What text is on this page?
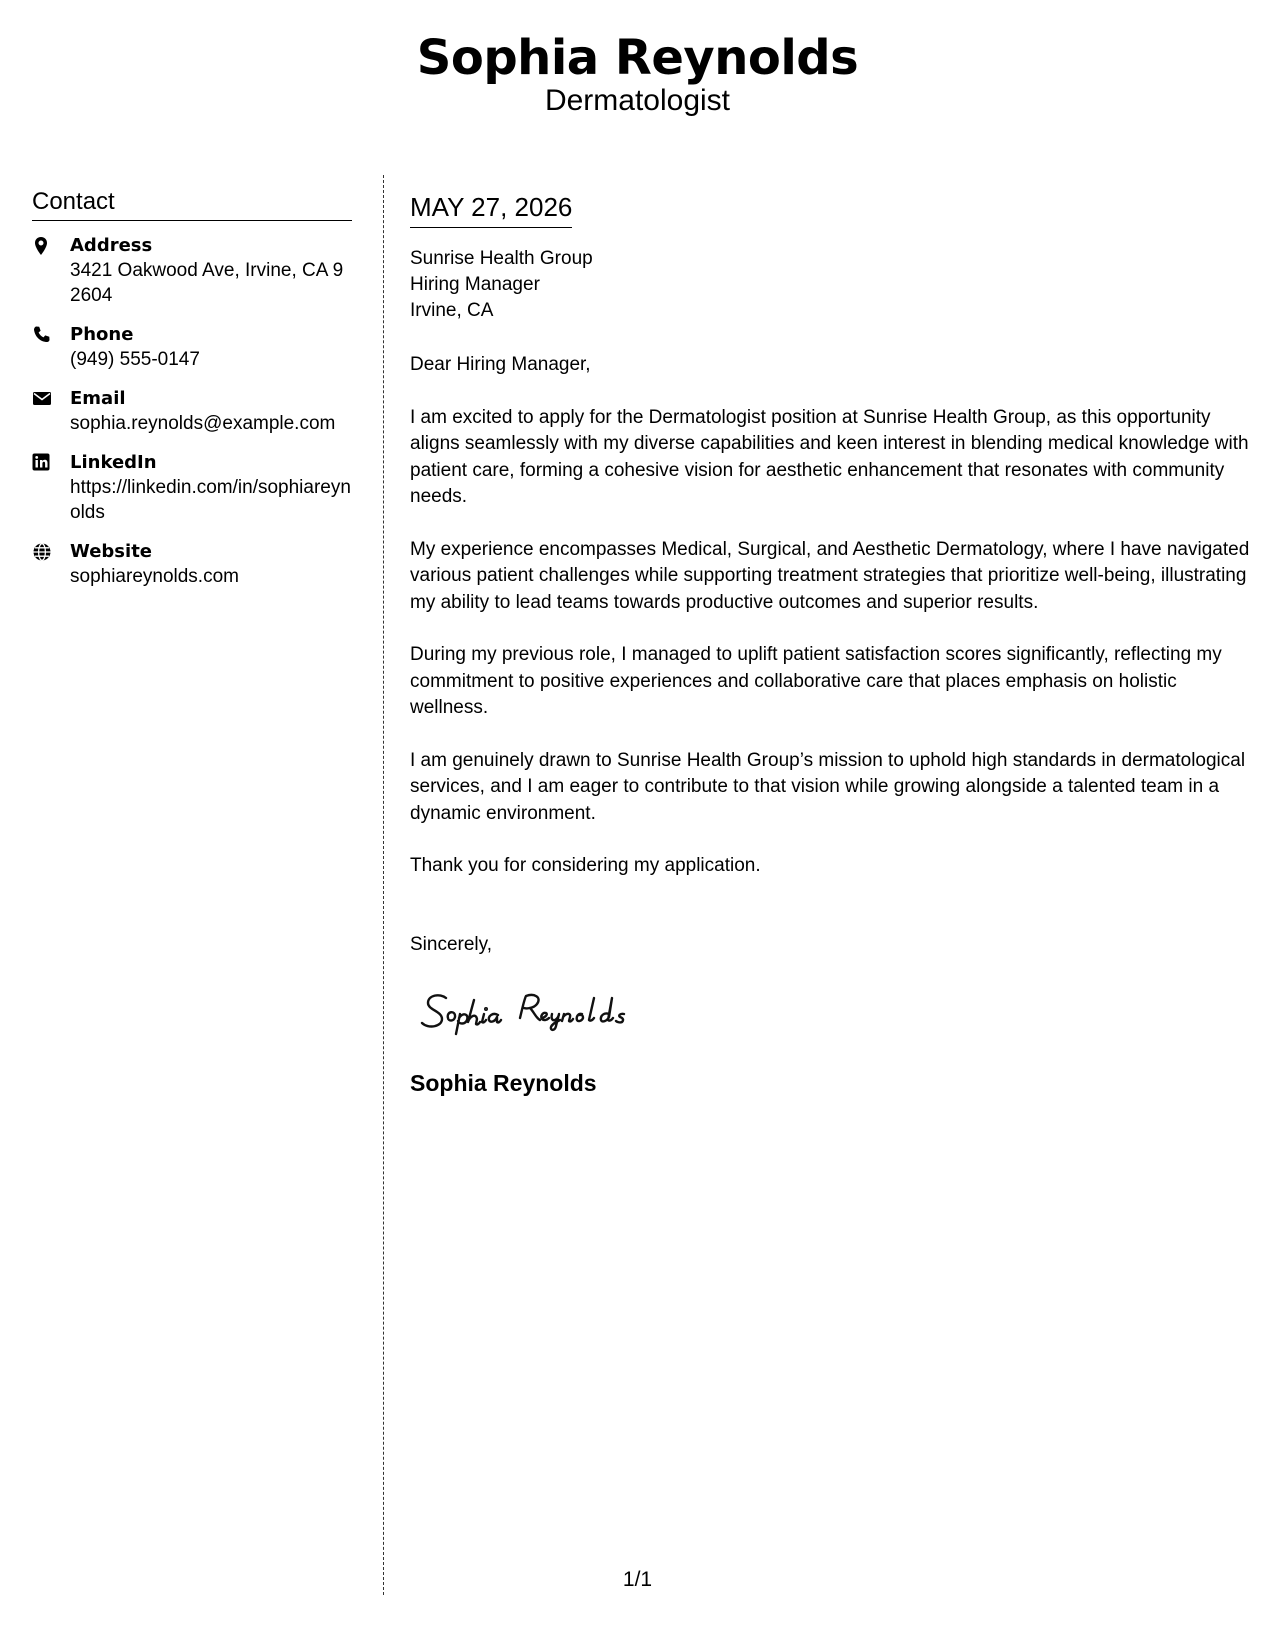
Sophia Reynolds
Dermatologist
Contact
Address
3421 Oakwood Ave, Irvine, CA 92604
Phone
(949) 555-0147
Email
sophia.reynolds@example.com
LinkedIn
https://linkedin.com/in/sophiareynolds
Website
sophiareynolds.com
MAY 27, 2026
Sunrise Health Group
Hiring Manager
Irvine, CA
Dear Hiring Manager,
I am excited to apply for the Dermatologist position at Sunrise Health Group, as this opportunity aligns seamlessly with my diverse capabilities and keen interest in blending medical knowledge with patient care, forming a cohesive vision for aesthetic enhancement that resonates with community needs.
My experience encompasses Medical, Surgical, and Aesthetic Dermatology, where I have navigated various patient challenges while supporting treatment strategies that prioritize well-being, illustrating my ability to lead teams towards productive outcomes and superior results.
During my previous role, I managed to uplift patient satisfaction scores significantly, reflecting my commitment to positive experiences and collaborative care that places emphasis on holistic wellness.
I am genuinely drawn to Sunrise Health Group’s mission to uphold high standards in dermatological services, and I am eager to contribute to that vision while growing alongside a talented team in a dynamic environment.
Thank you for considering my application.
Sincerely,
Sophia Reynolds
1/1
